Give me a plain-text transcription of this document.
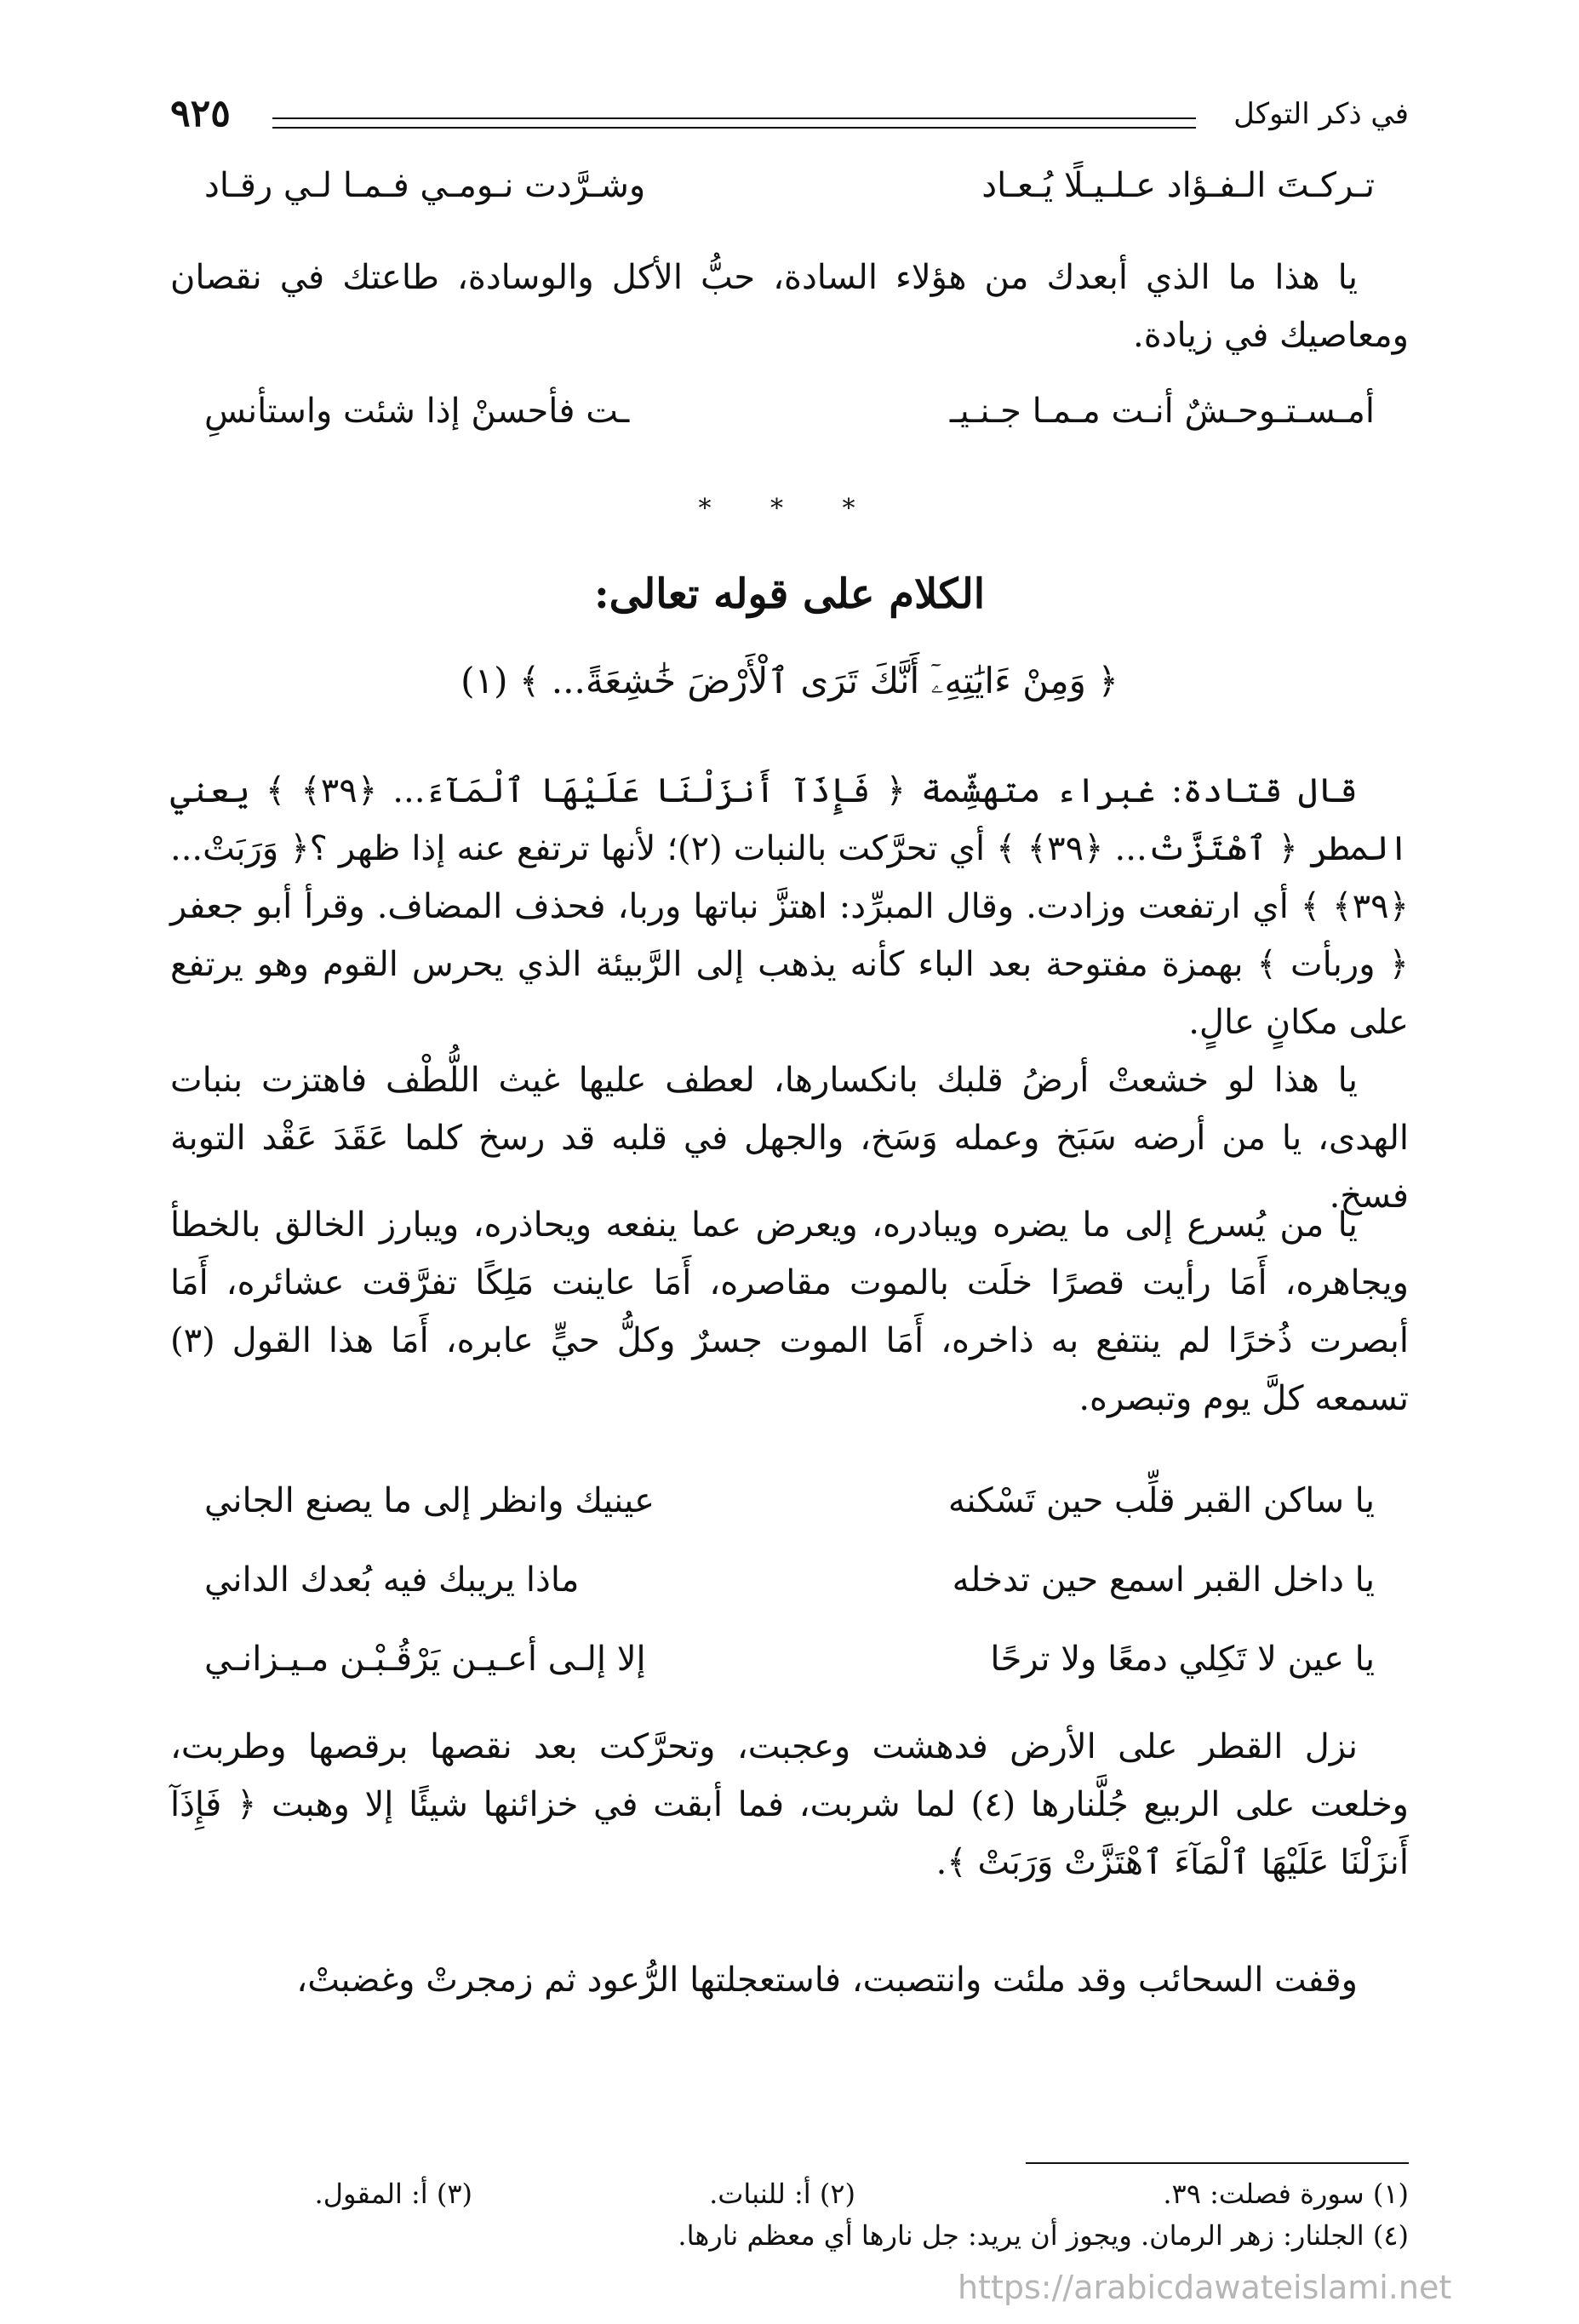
في ذكر التوكل
٩٢٥
تـركـتَ الـفـؤاد عـلـيـلًا يُـعـاد
وشـرَّدت نـومـي فـمـا لـي رقـاد

يا هذا ما الذي أبعدك من هؤلاء السادة، حبُّ الأكل والوسادة، طاعتك في نقصان ومعاصيك في زيادة.

أمـسـتـوحـشٌ أنـت مـمـا جـنـيـ
ـت فأحسنْ إذا شئت واستأنسِ
* * *
الكلام على قوله تعالى:
﴿ وَمِنْ ءَايَٰتِهِۦٓ أَنَّكَ تَرَى ٱلْأَرْضَ خَٰشِعَةً... ﴾ (١)

قال قتادة: غبراء متهشِّمة ﴿ فَإِذَآ أَنزَلْنَا عَلَيْهَا ٱلْمَآءَ... ﴿٣٩﴾ ﴾ يعني المطر ﴿ ٱهْتَزَّتْ... ﴿٣٩﴾ ﴾ أي تحرَّكت بالنبات (٢)؛ لأنها ترتفع عنه إذا ظهر ؟﴿ وَرَبَتْ... ﴿٣٩﴾ ﴾ أي ارتفعت وزادت. وقال المبرِّد: اهتزَّ نباتها وربا، فحذف المضاف. وقرأ أبو جعفر ﴿ وربأت ﴾ بهمزة مفتوحة بعد الباء كأنه يذهب إلى الرَّبيئة الذي يحرس القوم وهو يرتفع على مكانٍ عالٍ.

يا هذا لو خشعتْ أرضُ قلبك بانكسارها، لعطف عليها غيث اللُّطْف فاهتزت بنبات الهدى، يا من أرضه سَبَخ وعمله وَسَخ، والجهل في قلبه قد رسخ كلما عَقَدَ عَقْد التوبة فسخ.

يا من يُسرع إلى ما يضره ويبادره، ويعرض عما ينفعه ويحاذره، ويبارز الخالق بالخطأ ويجاهره، أَمَا رأيت قصرًا خلَت بالموت مقاصره، أَمَا عاينت مَلِكًا تفرَّقت عشائره، أَمَا أبصرت ذُخرًا لم ينتفع به ذاخره، أَمَا الموت جسرٌ وكلُّ حيٍّ عابره، أَمَا هذا القول (٣) تسمعه كلَّ يوم وتبصره.

يا ساكن القبر قلِّب حين تَسْكنه
عينيك وانظر إلى ما يصنع الجاني
يا داخل القبر اسمع حين تدخله
ماذا يريبك فيه بُعدك الداني
يا عين لا تَكِلي دمعًا ولا ترحًا
إلا إلـى أعـيـن يَرْقُـبْـن مـيـزانـي

نزل القطر على الأرض فدهشت وعجبت، وتحرَّكت بعد نقصها برقصها وطربت، وخلعت على الربيع جُلَّنارها (٤) لما شربت، فما أبقت في خزائنها شيئًا إلا وهبت ﴿ فَإِذَآ أَنزَلْنَا عَلَيْهَا ٱلْمَآءَ ٱهْتَزَّتْ وَرَبَتْ ﴾.

وقفت السحائب وقد ملئت وانتصبت، فاستعجلتها الرُّعود ثم زمجرتْ وغضبتْ،

(١) سورة فصلت: ٣٩.
(٢) أ: للنبات.
(٣) أ: المقول.
(٤) الجلنار: زهر الرمان. ويجوز أن يريد: جل نارها أي معظم نارها.
https://arabicdawateislami.net
